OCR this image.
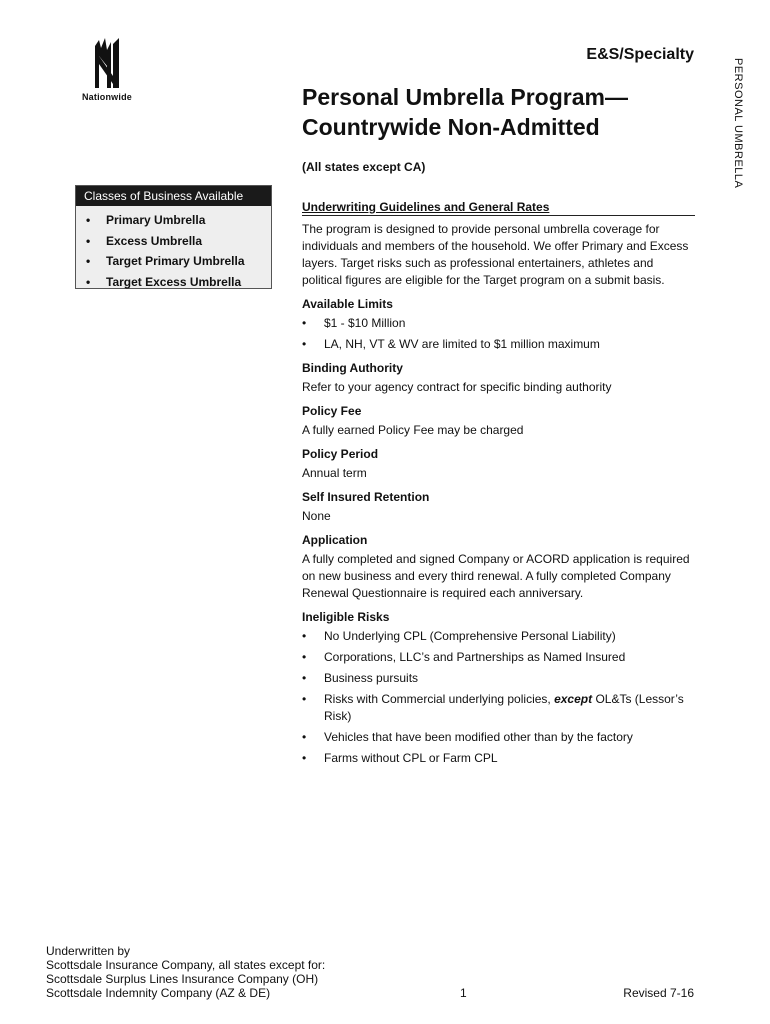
Nationwide
E&S/Specialty
PERSONAL UMBRELLA
Personal Umbrella Program—
Countrywide Non-Admitted
(All states except CA)
Classes of Business Available
• Primary Umbrella
• Excess Umbrella
• Target Primary Umbrella
• Target Excess Umbrella
Underwriting Guidelines and General Rates

The program is designed to provide personal umbrella coverage for individuals and members of the household. We offer Primary and Excess layers. Target risks such as professional entertainers, athletes and political figures are eligible for the Target program on a submit basis.

Available Limits
• $1 - $10 Million
• LA, NH, VT & WV are limited to $1 million maximum
Binding Authority

Refer to your agency contract for specific binding authority

Policy Fee

A fully earned Policy Fee may be charged

Policy Period

Annual term

Self Insured Retention

None

Application

A fully completed and signed Company or ACORD application is required on new business and every third renewal. A fully completed Company Renewal Questionnaire is required each anniversary.

Ineligible Risks
• No Underlying CPL (Comprehensive Personal Liability)
• Corporations, LLC’s and Partnerships as Named Insured
• Business pursuits
• Risks with Commercial underlying policies, except OL&Ts (Lessor’s Risk)
• Vehicles that have been modified other than by the factory
• Farms without CPL or Farm CPL
Underwritten by
Scottsdale Insurance Company, all states except for:
Scottsdale Surplus Lines Insurance Company (OH)
Scottsdale Indemnity Company (AZ & DE)	1	Revised 7-16
